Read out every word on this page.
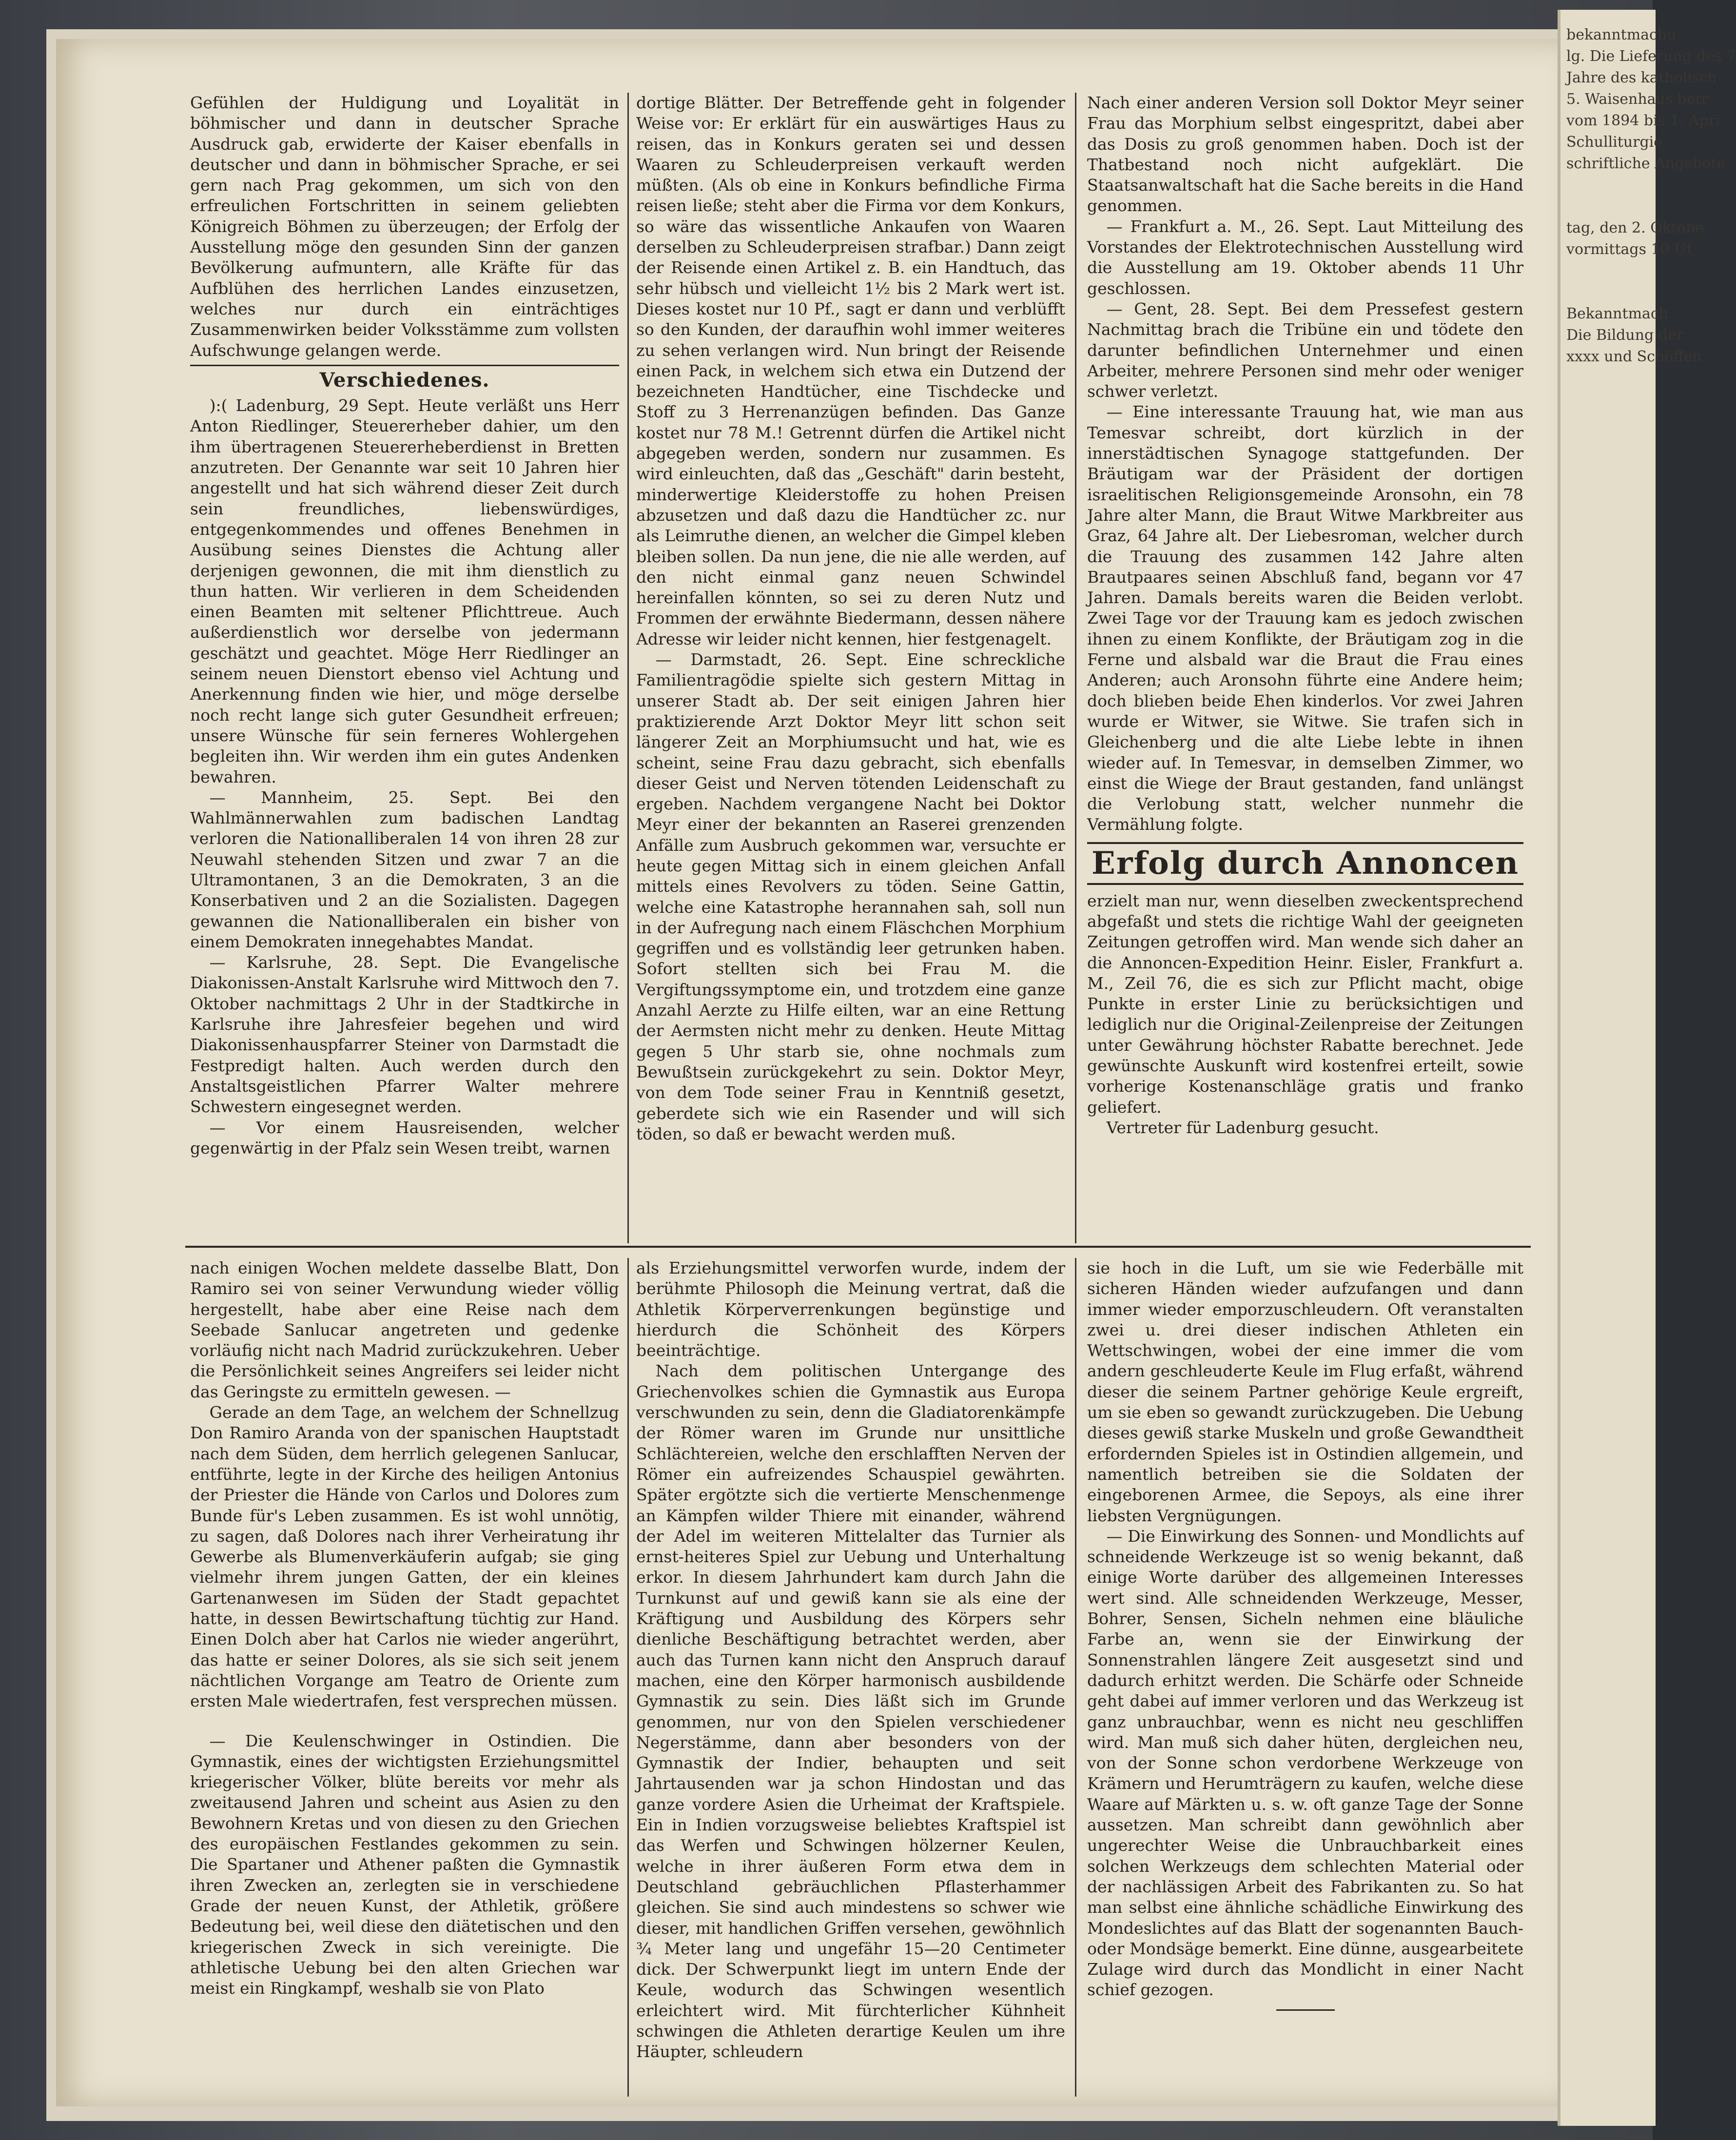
bekanntmachu
lg. Die Lieferung des 7
Jahre des katholisch
5. Waisenhaus betr
vom 1894 bis 1. Apri
Schulliturgie
schriftliche Angebote

tag, den 2. Oktobe
vormittags 10 Ut

Bekanntmach
Die Bildung der
xxxx und Schöffen

Gefühlen der Huldigung und Loyalität in böhmischer und dann in deutscher Sprache Ausdruck gab, erwiderte der Kaiser ebenfalls in deutscher und dann in böhmischer Sprache, er sei gern nach Prag gekommen, um sich von den erfreulichen Fortschritten in seinem geliebten Königreich Böhmen zu überzeugen; der Erfolg der Ausstellung möge den gesunden Sinn der ganzen Bevölkerung aufmuntern, alle Kräfte für das Aufblühen des herrlichen Landes einzusetzen, welches nur durch ein einträchtiges Zusammenwirken beider Volksstämme zum vollsten Aufschwunge gelangen werde.

Verschiedenes.

):( Ladenburg, 29 Sept. Heute verläßt uns Herr Anton Riedlinger, Steuererheber dahier, um den ihm übertragenen Steuererheberdienst in Bretten anzutreten. Der Genannte war seit 10 Jahren hier angestellt und hat sich während dieser Zeit durch sein freundliches, liebenswürdiges, entgegenkommendes und offenes Benehmen in Ausübung seines Dienstes die Achtung aller derjenigen gewonnen, die mit ihm dienstlich zu thun hatten. Wir verlieren in dem Scheidenden einen Beamten mit seltener Pflichttreue. Auch außerdienstlich wor derselbe von jedermann geschätzt und geachtet. Möge Herr Riedlinger an seinem neuen Dienstort ebenso viel Achtung und Anerkennung finden wie hier, und möge derselbe noch recht lange sich guter Gesundheit erfreuen; unsere Wünsche für sein ferneres Wohlergehen begleiten ihn. Wir werden ihm ein gutes Andenken bewahren.

— Mannheim, 25. Sept. Bei den Wahlmännerwahlen zum badischen Landtag verloren die Nationalliberalen 14 von ihren 28 zur Neuwahl stehenden Sitzen und zwar 7 an die Ultramontanen, 3 an die Demokraten, 3 an die Konserbativen und 2 an die Sozialisten. Dagegen gewannen die Nationalliberalen ein bisher von einem Demokraten innegehabtes Mandat.

— Karlsruhe, 28. Sept. Die Evangelische Diakonissen-Anstalt Karlsruhe wird Mittwoch den 7. Oktober nachmittags 2 Uhr in der Stadtkirche in Karlsruhe ihre Jahresfeier begehen und wird Diakonissenhauspfarrer Steiner von Darmstadt die Festpredigt halten. Auch werden durch den Anstaltsgeistlichen Pfarrer Walter mehrere Schwestern eingesegnet werden.

— Vor einem Hausreisenden, welcher gegenwärtig in der Pfalz sein Wesen treibt, warnen

dortige Blätter. Der Betreffende geht in folgender Weise vor: Er erklärt für ein auswärtiges Haus zu reisen, das in Konkurs geraten sei und dessen Waaren zu Schleuderpreisen verkauft werden müßten. (Als ob eine in Konkurs befindliche Firma reisen ließe; steht aber die Firma vor dem Konkurs, so wäre das wissentliche Ankaufen von Waaren derselben zu Schleuderpreisen strafbar.) Dann zeigt der Reisende einen Artikel z. B. ein Handtuch, das sehr hübsch und vielleicht 1½ bis 2 Mark wert ist. Dieses kostet nur 10 Pf., sagt er dann und verblüfft so den Kunden, der daraufhin wohl immer weiteres zu sehen verlangen wird. Nun bringt der Reisende einen Pack, in welchem sich etwa ein Dutzend der bezeichneten Handtücher, eine Tischdecke und Stoff zu 3 Herrenanzügen befinden. Das Ganze kostet nur 78 M.! Getrennt dürfen die Artikel nicht abgegeben werden, sondern nur zusammen. Es wird einleuchten, daß das „Geschäft" darin besteht, minderwertige Kleiderstoffe zu hohen Preisen abzusetzen und daß dazu die Handtücher zc. nur als Leimruthe dienen, an welcher die Gimpel kleben bleiben sollen. Da nun jene, die nie alle werden, auf den nicht einmal ganz neuen Schwindel hereinfallen könnten, so sei zu deren Nutz und Frommen der erwähnte Biedermann, dessen nähere Adresse wir leider nicht kennen, hier festgenagelt.

— Darmstadt, 26. Sept. Eine schreckliche Familientragödie spielte sich gestern Mittag in unserer Stadt ab. Der seit einigen Jahren hier praktizierende Arzt Doktor Meyr litt schon seit längerer Zeit an Morphiumsucht und hat, wie es scheint, seine Frau dazu gebracht, sich ebenfalls dieser Geist und Nerven tötenden Leidenschaft zu ergeben. Nachdem vergangene Nacht bei Doktor Meyr einer der bekannten an Raserei grenzenden Anfälle zum Ausbruch gekommen war, versuchte er heute gegen Mittag sich in einem gleichen Anfall mittels eines Revolvers zu töden. Seine Gattin, welche eine Katastrophe herannahen sah, soll nun in der Aufregung nach einem Fläschchen Morphium gegriffen und es vollständig leer getrunken haben. Sofort stellten sich bei Frau M. die Vergiftungssymptome ein, und trotzdem eine ganze Anzahl Aerzte zu Hilfe eilten, war an eine Rettung der Aermsten nicht mehr zu denken. Heute Mittag gegen 5 Uhr starb sie, ohne nochmals zum Bewußtsein zurückgekehrt zu sein. Doktor Meyr, von dem Tode seiner Frau in Kenntniß gesetzt, geberdete sich wie ein Rasender und will sich töden, so daß er bewacht werden muß.

Nach einer anderen Version soll Doktor Meyr seiner Frau das Morphium selbst eingespritzt, dabei aber das Dosis zu groß genommen haben. Doch ist der Thatbestand noch nicht aufgeklärt. Die Staatsanwaltschaft hat die Sache bereits in die Hand genommen.

— Frankfurt a. M., 26. Sept. Laut Mitteilung des Vorstandes der Elektrotechnischen Ausstellung wird die Ausstellung am 19. Oktober abends 11 Uhr geschlossen.

— Gent, 28. Sept. Bei dem Pressefest gestern Nachmittag brach die Tribüne ein und tödete den darunter befindlichen Unternehmer und einen Arbeiter, mehrere Personen sind mehr oder weniger schwer verletzt.

— Eine interessante Trauung hat, wie man aus Temesvar schreibt, dort kürzlich in der innerstädtischen Synagoge stattgefunden. Der Bräutigam war der Präsident der dortigen israelitischen Religionsgemeinde Aronsohn, ein 78 Jahre alter Mann, die Braut Witwe Markbreiter aus Graz, 64 Jahre alt. Der Liebesroman, welcher durch die Trauung des zusammen 142 Jahre alten Brautpaares seinen Abschluß fand, begann vor 47 Jahren. Damals bereits waren die Beiden verlobt. Zwei Tage vor der Trauung kam es jedoch zwischen ihnen zu einem Konflikte, der Bräutigam zog in die Ferne und alsbald war die Braut die Frau eines Anderen; auch Aronsohn führte eine Andere heim; doch blieben beide Ehen kinderlos. Vor zwei Jahren wurde er Witwer, sie Witwe. Sie trafen sich in Gleichenberg und die alte Liebe lebte in ihnen wieder auf. In Temesvar, in demselben Zimmer, wo einst die Wiege der Braut gestanden, fand unlängst die Verlobung statt, welcher nunmehr die Vermählung folgte.

Erfolg durch Annoncen

erzielt man nur, wenn dieselben zweckentsprechend abgefaßt und stets die richtige Wahl der geeigneten Zeitungen getroffen wird. Man wende sich daher an die Annoncen-Expedition Heinr. Eisler, Frankfurt a. M., Zeil 76, die es sich zur Pflicht macht, obige Punkte in erster Linie zu berücksichtigen und lediglich nur die Original-Zeilenpreise der Zeitungen unter Gewährung höchster Rabatte berechnet. Jede gewünschte Auskunft wird kostenfrei erteilt, sowie vorherige Kostenanschläge gratis und franko geliefert.

Vertreter für Ladenburg gesucht.

nach einigen Wochen meldete dasselbe Blatt, Don Ramiro sei von seiner Verwundung wieder völlig hergestellt, habe aber eine Reise nach dem Seebade Sanlucar angetreten und gedenke vorläufig nicht nach Madrid zurückzukehren. Ueber die Persönlichkeit seines Angreifers sei leider nicht das Geringste zu ermitteln gewesen. —

Gerade an dem Tage, an welchem der Schnellzug Don Ramiro Aranda von der spanischen Hauptstadt nach dem Süden, dem herrlich gelegenen Sanlucar, entführte, legte in der Kirche des heiligen Antonius der Priester die Hände von Carlos und Dolores zum Bunde für's Leben zusammen. Es ist wohl unnötig, zu sagen, daß Dolores nach ihrer Verheiratung ihr Gewerbe als Blumenverkäuferin aufgab; sie ging vielmehr ihrem jungen Gatten, der ein kleines Gartenanwesen im Süden der Stadt gepachtet hatte, in dessen Bewirtschaftung tüchtig zur Hand. Einen Dolch aber hat Carlos nie wieder angerührt, das hatte er seiner Dolores, als sie sich seit jenem nächtlichen Vorgange am Teatro de Oriente zum ersten Male wiedertrafen, fest versprechen müssen.

— Die Keulenschwinger in Ostindien. Die Gymnastik, eines der wichtigsten Erziehungsmittel kriegerischer Völker, blüte bereits vor mehr als zweitausend Jahren und scheint aus Asien zu den Bewohnern Kretas und von diesen zu den Griechen des europäischen Festlandes gekommen zu sein. Die Spartaner und Athener paßten die Gymnastik ihren Zwecken an, zerlegten sie in verschiedene Grade der neuen Kunst, der Athletik, größere Bedeutung bei, weil diese den diätetischen und den kriegerischen Zweck in sich vereinigte. Die athletische Uebung bei den alten Griechen war meist ein Ringkampf, weshalb sie von Plato

als Erziehungsmittel verworfen wurde, indem der berühmte Philosoph die Meinung vertrat, daß die Athletik Körperverrenkungen begünstige und hierdurch die Schönheit des Körpers beeinträchtige.

Nach dem politischen Untergange des Griechenvolkes schien die Gymnastik aus Europa verschwunden zu sein, denn die Gladiatorenkämpfe der Römer waren im Grunde nur unsittliche Schlächtereien, welche den erschlafften Nerven der Römer ein aufreizendes Schauspiel gewährten. Später ergötzte sich die vertierte Menschenmenge an Kämpfen wilder Thiere mit einander, während der Adel im weiteren Mittelalter das Turnier als ernst-heiteres Spiel zur Uebung und Unterhaltung erkor. In diesem Jahrhundert kam durch Jahn die Turnkunst auf und gewiß kann sie als eine der Kräftigung und Ausbildung des Körpers sehr dienliche Beschäftigung betrachtet werden, aber auch das Turnen kann nicht den Anspruch darauf machen, eine den Körper harmonisch ausbildende Gymnastik zu sein. Dies läßt sich im Grunde genommen, nur von den Spielen verschiedener Negerstämme, dann aber besonders von der Gymnastik der Indier, behaupten und seit Jahrtausenden war ja schon Hindostan und das ganze vordere Asien die Urheimat der Kraftspiele. Ein in Indien vorzugsweise beliebtes Kraftspiel ist das Werfen und Schwingen hölzerner Keulen, welche in ihrer äußeren Form etwa dem in Deutschland gebräuchlichen Pflasterhammer gleichen. Sie sind auch mindestens so schwer wie dieser, mit handlichen Griffen versehen, gewöhnlich ¾ Meter lang und ungefähr 15—20 Centimeter dick. Der Schwerpunkt liegt im untern Ende der Keule, wodurch das Schwingen wesentlich erleichtert wird. Mit fürchterlicher Kühnheit schwingen die Athleten derartige Keulen um ihre Häupter, schleudern

sie hoch in die Luft, um sie wie Federbälle mit sicheren Händen wieder aufzufangen und dann immer wieder emporzuschleudern. Oft veranstalten zwei u. drei dieser indischen Athleten ein Wettschwingen, wobei der eine immer die vom andern geschleuderte Keule im Flug erfaßt, während dieser die seinem Partner gehörige Keule ergreift, um sie eben so gewandt zurückzugeben. Die Uebung dieses gewiß starke Muskeln und große Gewandtheit erfordernden Spieles ist in Ostindien allgemein, und namentlich betreiben sie die Soldaten der eingeborenen Armee, die Sepoys, als eine ihrer liebsten Vergnügungen.

— Die Einwirkung des Sonnen- und Mondlichts auf schneidende Werkzeuge ist so wenig bekannt, daß einige Worte darüber des allgemeinen Interesses wert sind. Alle schneidenden Werkzeuge, Messer, Bohrer, Sensen, Sicheln nehmen eine bläuliche Farbe an, wenn sie der Einwirkung der Sonnenstrahlen längere Zeit ausgesetzt sind und dadurch erhitzt werden. Die Schärfe oder Schneide geht dabei auf immer verloren und das Werkzeug ist ganz unbrauchbar, wenn es nicht neu geschliffen wird. Man muß sich daher hüten, dergleichen neu, von der Sonne schon verdorbene Werkzeuge von Krämern und Herumträgern zu kaufen, welche diese Waare auf Märkten u. s. w. oft ganze Tage der Sonne aussetzen. Man schreibt dann gewöhnlich aber ungerechter Weise die Unbrauchbarkeit eines solchen Werkzeugs dem schlechten Material oder der nachlässigen Arbeit des Fabrikanten zu. So hat man selbst eine ähnliche schädliche Einwirkung des Mondeslichtes auf das Blatt der sogenannten Bauch- oder Mondsäge bemerkt. Eine dünne, ausgearbeitete Zulage wird durch das Mondlicht in einer Nacht schief gezogen.
